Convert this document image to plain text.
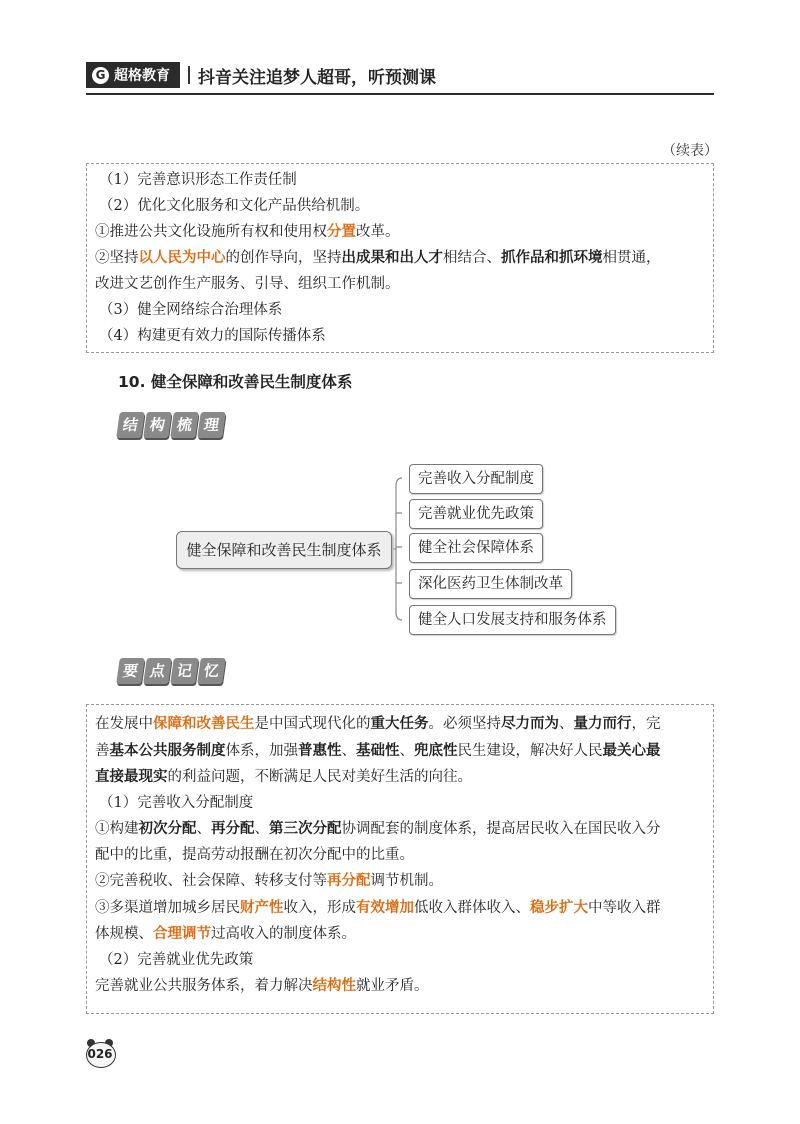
G 超格教育 抖音关注追梦人超哥，听预测课
（续表）

（1）完善意识形态工作责任制

（2）优化文化服务和文化产品供给机制。

①推进公共文化设施所有权和使用权分置改革。

②坚持以人民为中心的创作导向，坚持出成果和出人才相结合、抓作品和抓环境相贯通，

改进文艺创作生产服务、引导、组织工作机制。

（3）健全网络综合治理体系

（4）构建更有效力的国际传播体系

10. 健全保障和改善民生制度体系
结 构 梳 理
健全保障和改善民生制度体系
完善收入分配制度
完善就业优先政策
健全社会保障体系
深化医药卫生体制改革
健全人口发展支持和服务体系
要 点 记 忆

在发展中保障和改善民生是中国式现代化的重大任务。必须坚持尽力而为、量力而行，完

善基本公共服务制度体系，加强普惠性、基础性、兜底性民生建设，解决好人民最关心最

直接最现实的利益问题，不断满足人民对美好生活的向往。

（1）完善收入分配制度

①构建初次分配、再分配、第三次分配协调配套的制度体系，提高居民收入在国民收入分

配中的比重，提高劳动报酬在初次分配中的比重。

②完善税收、社会保障、转移支付等再分配调节机制。

③多渠道增加城乡居民财产性收入，形成有效增加低收入群体收入、稳步扩大中等收入群

体规模、合理调节过高收入的制度体系。

（2）完善就业优先政策

完善就业公共服务体系，着力解决结构性就业矛盾。

026
